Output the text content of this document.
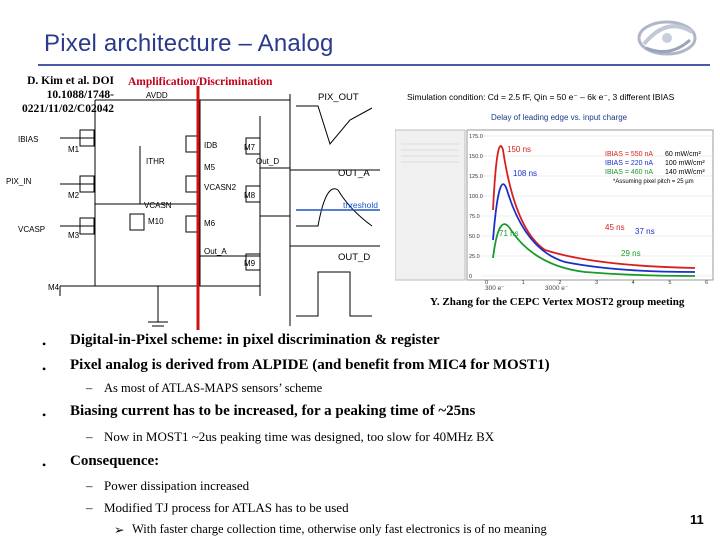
Pixel architecture – Analog
D. Kim et al. DOI
10.1088/1748-
0221/11/02/C02042
Amplification/Discrimination
threshold
PIX_OUT
OUT_A
OUT_D
AVDD
IBIAS
PIX_IN
VCASP
M1
M2
M3
M4
ITHR
VCASN
M10
VCASN2
IDB
M5
M6
M7
M8
M9
Out_D
Out_A
Simulation condition: Cd = 2.5 fF, Qin = 50 e⁻ – 6k e⁻, 3 different IBIAS
Delay of leading edge vs. input charge
175.0
150.0
125.0
100.0
75.0
50.0
25.0
0
0	1	2	3	4	5	6
150 ns
108 ns
71 ns
45 ns 37 ns
29 ns
IBIAS = 550 nA 60 mW/cm²
IBIAS = 220 nA 100 mW/cm²
IBIAS = 460 nA 140 mW/cm²
*Assuming pixel pitch = 25 µm
300 e⁻	3000 e⁻
Y. Zhang for the CEPC Vertex MOST2 group meeting
• Digital-in-Pixel scheme: in pixel discrimination & register
• Pixel analog is derived from ALPIDE (and benefit from MIC4 for MOST1)
– As most of ATLAS-MAPS sensors’ scheme
• Biasing current has to be increased, for a peaking time of ~25ns
– Now in MOST1 ~2us peaking time was designed, too slow for 40MHz BX
• Consequence:
– Power dissipation increased
– Modified TJ process for ATLAS has to be used
➢ With faster charge collection time, otherwise only fast electronics is of no meaning
11
